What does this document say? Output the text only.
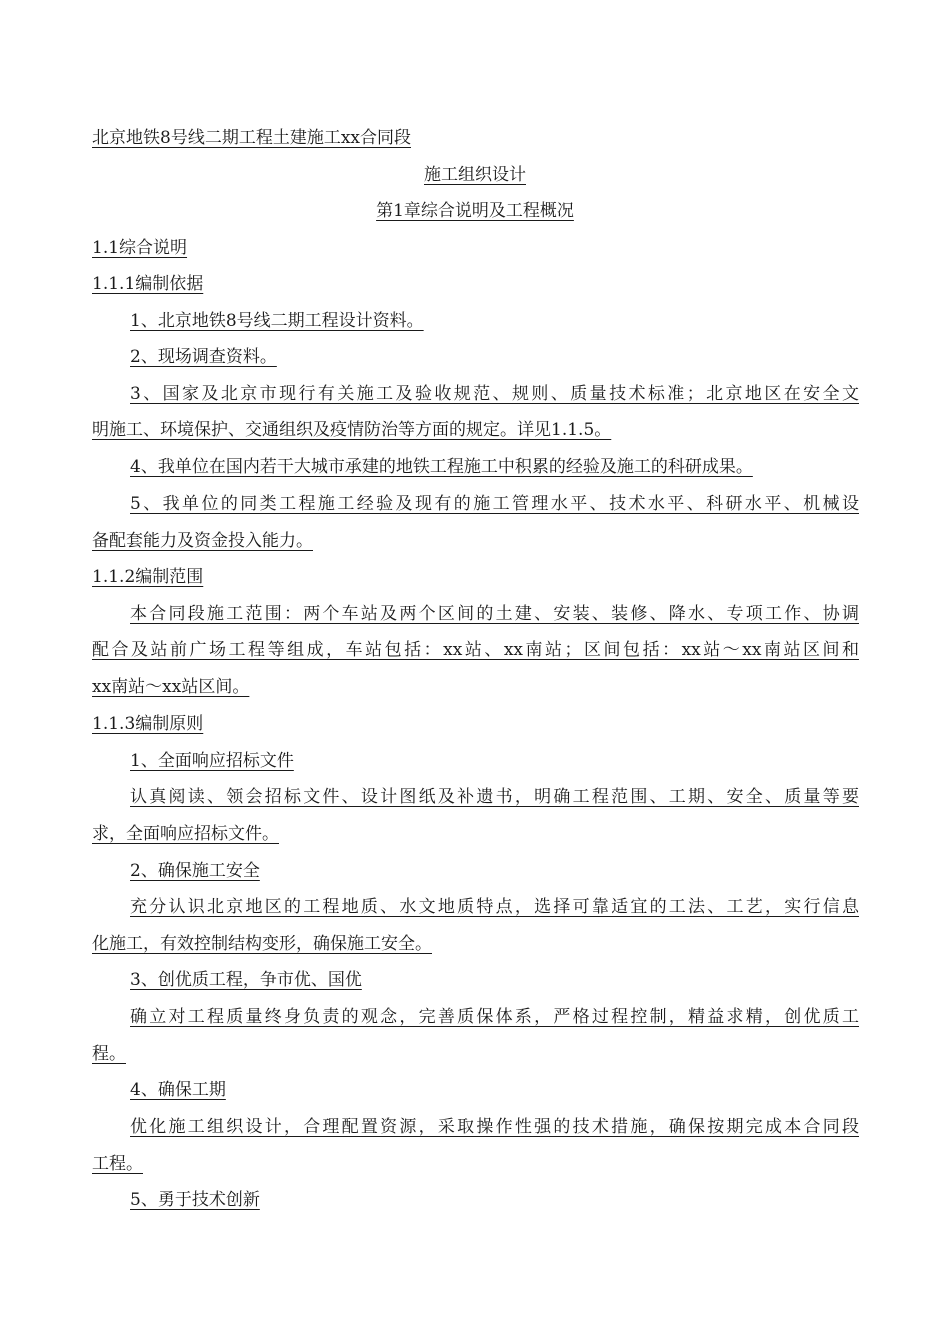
北京地铁8号线二期工程土建施工xx合同段
施工组织设计
第1章综合说明及工程概况
1.1综合说明
1.1.1编制依据
1、北京地铁8号线二期工程设计资料。
2、现场调查资料。
3、国家及北京市现行有关施工及验收规范、规则、质量技术标准；北京地区在安全文
明施工、环境保护、交通组织及疫情防治等方面的规定。详见1.1.5。
4、我单位在国内若干大城市承建的地铁工程施工中积累的经验及施工的科研成果。
5、我单位的同类工程施工经验及现有的施工管理水平、技术水平、科研水平、机械设
备配套能力及资金投入能力。
1.1.2编制范围
本合同段施工范围：两个车站及两个区间的土建、安装、装修、降水、专项工作、协调
配合及站前广场工程等组成，车站包括：xx站、xx南站；区间包括：xx站～xx南站区间和
xx南站～xx站区间。
1.1.3编制原则
1、全面响应招标文件
认真阅读、领会招标文件、设计图纸及补遗书，明确工程范围、工期、安全、质量等要
求，全面响应招标文件。
2、确保施工安全
充分认识北京地区的工程地质、水文地质特点，选择可靠适宜的工法、工艺，实行信息
化施工，有效控制结构变形，确保施工安全。
3、创优质工程，争市优、国优
确立对工程质量终身负责的观念，完善质保体系，严格过程控制，精益求精，创优质工
程。
4、确保工期
优化施工组织设计，合理配置资源，采取操作性强的技术措施，确保按期完成本合同段
工程。
5、勇于技术创新
